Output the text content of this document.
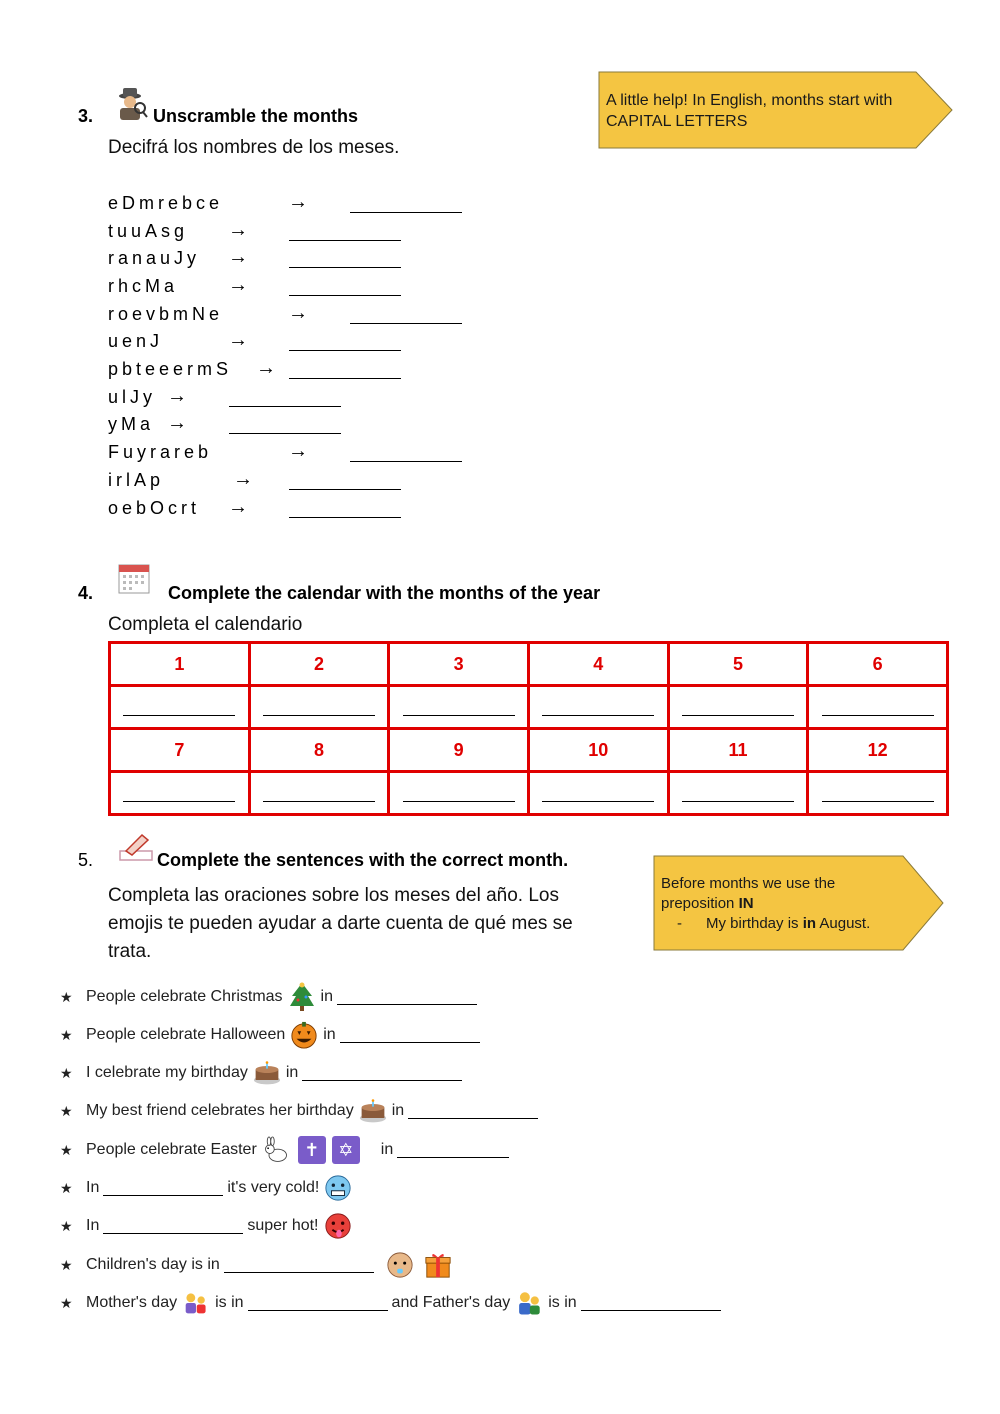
3.	Unscramble the months
Decifrá los nombres de los meses.
eDmrebce	→
tuuAsg →
ranauJy →
rhcMa →
roevbmNe	→
uenJ	→
pbteeermS →
ulJy →
yMa →
Fuyrareb	→
irlAp	→
oebOcrt →
A little help! In English, months start with CAPITAL LETTERS
4.	Complete the calendar with the months of the year
Completa el calendario
1	2	3	4	5	6

7	8	9	10	11	12

5.	Complete the sentences with the correct month.
Completa las oraciones sobre los meses del año. Los
emojis te pueden ayudar a darte cuenta de qué mes se
trata.
Before months we use the
preposition IN
- My birthday is in August.
★ People celebrate Christmas in
★ People celebrate Halloween in
★ I celebrate my birthday in
★ My best friend celebrates her birthday in
★ People celebrate Easter	✝	✡	in
★ In	it's very cold!
★ In	super hot!
★ Children's day is in
★ Mother's day is in	and Father's day is in
